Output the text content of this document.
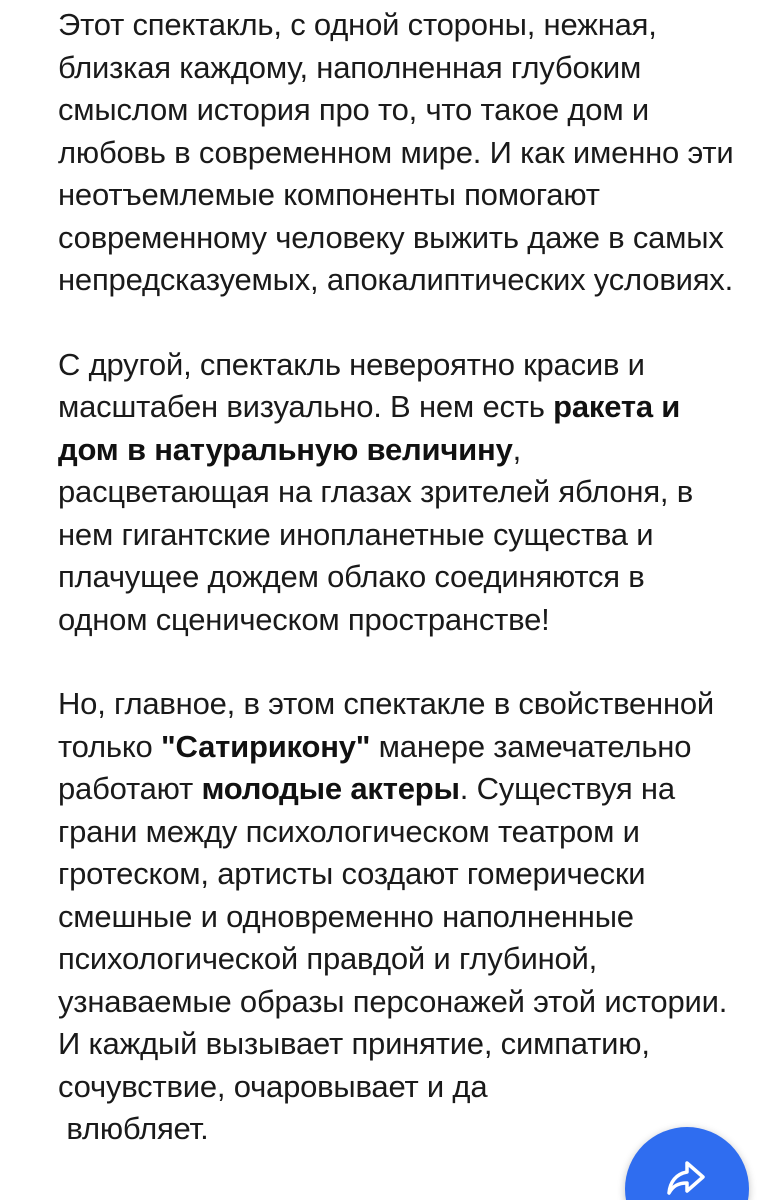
Этот спектакль, с одной стороны, нежная, близкая каждому, наполненная глубоким смыслом история про то, что такое дом и любовь в современном мире. И как именно эти неотъемлемые компоненты помогают современному человеку выжить даже в самых непредсказуемых, апокалиптических условиях.

С другой, спектакль невероятно красив и масштабен визуально. В нем есть ракета и дом в натуральную величину, расцветающая на глазах зрителей яблоня, в нем гигантские инопланетные существа и плачущее дождем облако соединяются в одном сценическом пространстве!

Но, главное, в этом спектакле в свойственной только "Сатирикону" манере замечательно работают молодые актеры. Существуя на грани между психологическом театром и гротеском, артисты создают гомерически смешные и одновременно наполненные психологической правдой и глубиной, узнаваемые образы персонажей этой истории. И каждый вызывает принятие, симпатию, сочувствие, очаровывает и да
влюбляет.
